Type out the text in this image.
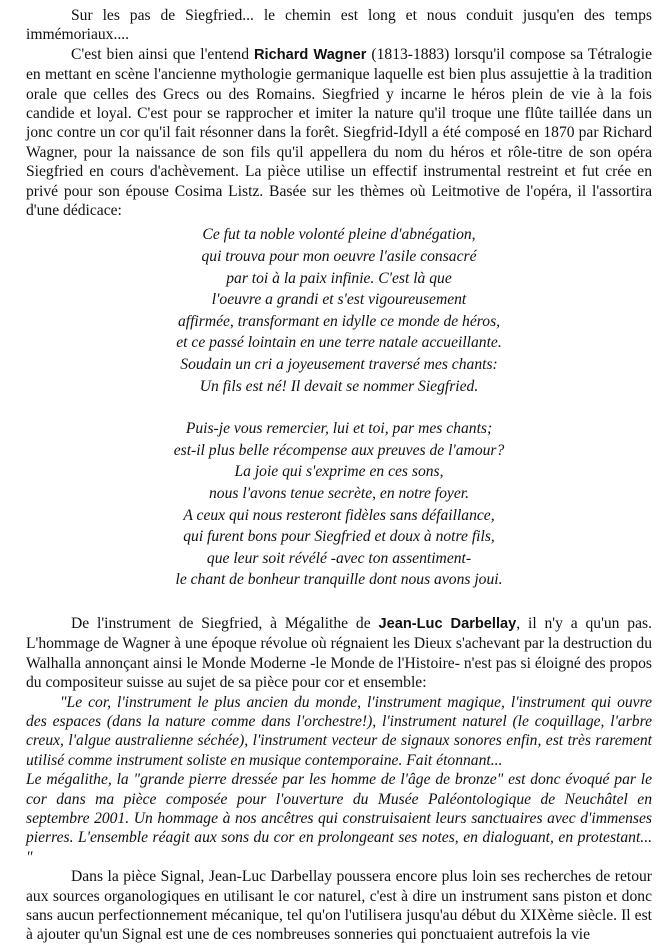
Sur les pas de Siegfried... le chemin est long et nous conduit jusqu'en des temps immémoriaux....

C'est bien ainsi que l'entend Richard Wagner (1813-1883) lorsqu'il compose sa Tétralogie en mettant en scène l'ancienne mythologie germanique laquelle est bien plus assujettie à la tradition orale que celles des Grecs ou des Romains. Siegfried y incarne le héros plein de vie à la fois candide et loyal. C'est pour se rapprocher et imiter la nature qu'il troque une flûte taillée dans un jonc contre un cor qu'il fait résonner dans la forêt. Siegfrid-Idyll a été composé en 1870 par Richard Wagner, pour la naissance de son fils qu'il appellera du nom du héros et rôle-titre de son opéra Siegfried en cours d'achèvement. La pièce utilise un effectif instrumental restreint et fut crée en privé pour son épouse Cosima Listz. Basée sur les thèmes où Leitmotive de l'opéra, il l'assortira d'une dédicace:

Ce fut ta noble volonté pleine d'abnégation,
qui trouva pour mon oeuvre l'asile consacré
par toi à la paix infinie. C'est là que
l'oeuvre a grandi et s'est vigoureusement
affirmée, transformant en idylle ce monde de héros,
et ce passé lointain en une terre natale accueillante.
Soudain un cri a joyeusement traversé mes chants:
Un fils est né! Il devait se nommer Siegfried.
Puis-je vous remercier, lui et toi, par mes chants;
est-il plus belle récompense aux preuves de l'amour?
La joie qui s'exprime en ces sons,
nous l'avons tenue secrète, en notre foyer.
A ceux qui nous resteront fidèles sans défaillance,
qui furent bons pour Siegfried et doux à notre fils,
que leur soit révélé -avec ton assentiment-
le chant de bonheur tranquille dont nous avons joui.

De l'instrument de Siegfried, à Mégalithe de Jean-Luc Darbellay, il n'y a qu'un pas. L'hommage de Wagner à une époque révolue où régnaient les Dieux s'achevant par la destruction du Walhalla annonçant ainsi le Monde Moderne -le Monde de l'Histoire- n'est pas si éloigné des propos du compositeur suisse au sujet de sa pièce pour cor et ensemble:

"Le cor, l'instrument le plus ancien du monde, l'instrument magique, l'instrument qui ouvre des espaces (dans la nature comme dans l'orchestre!), l'instrument naturel (le coquillage, l'arbre creux, l'algue australienne séchée), l'instrument vecteur de signaux sonores enfin, est très rarement utilisé comme instrument soliste en musique contemporaine. Fait étonnant...

Le mégalithe, la "grande pierre dressée par les homme de l'âge de bronze" est donc évoqué par le cor dans ma pièce composée pour l'ouverture du Musée Paléontologique de Neuchâtel en septembre 2001. Un hommage à nos ancêtres qui construisaient leurs sanctuaires avec d'immenses pierres. L'ensemble réagit aux sons du cor en prolongeant ses notes, en dialoguant, en protestant... "

Dans la pièce Signal, Jean-Luc Darbellay poussera encore plus loin ses recherches de retour aux sources organologiques en utilisant le cor naturel, c'est à dire un instrument sans piston et donc sans aucun perfectionnement mécanique, tel qu'on l'utilisera jusqu'au début du XIXème siècle. Il est à ajouter qu'un Signal est une de ces nombreuses sonneries qui ponctuaient autrefois la vie
